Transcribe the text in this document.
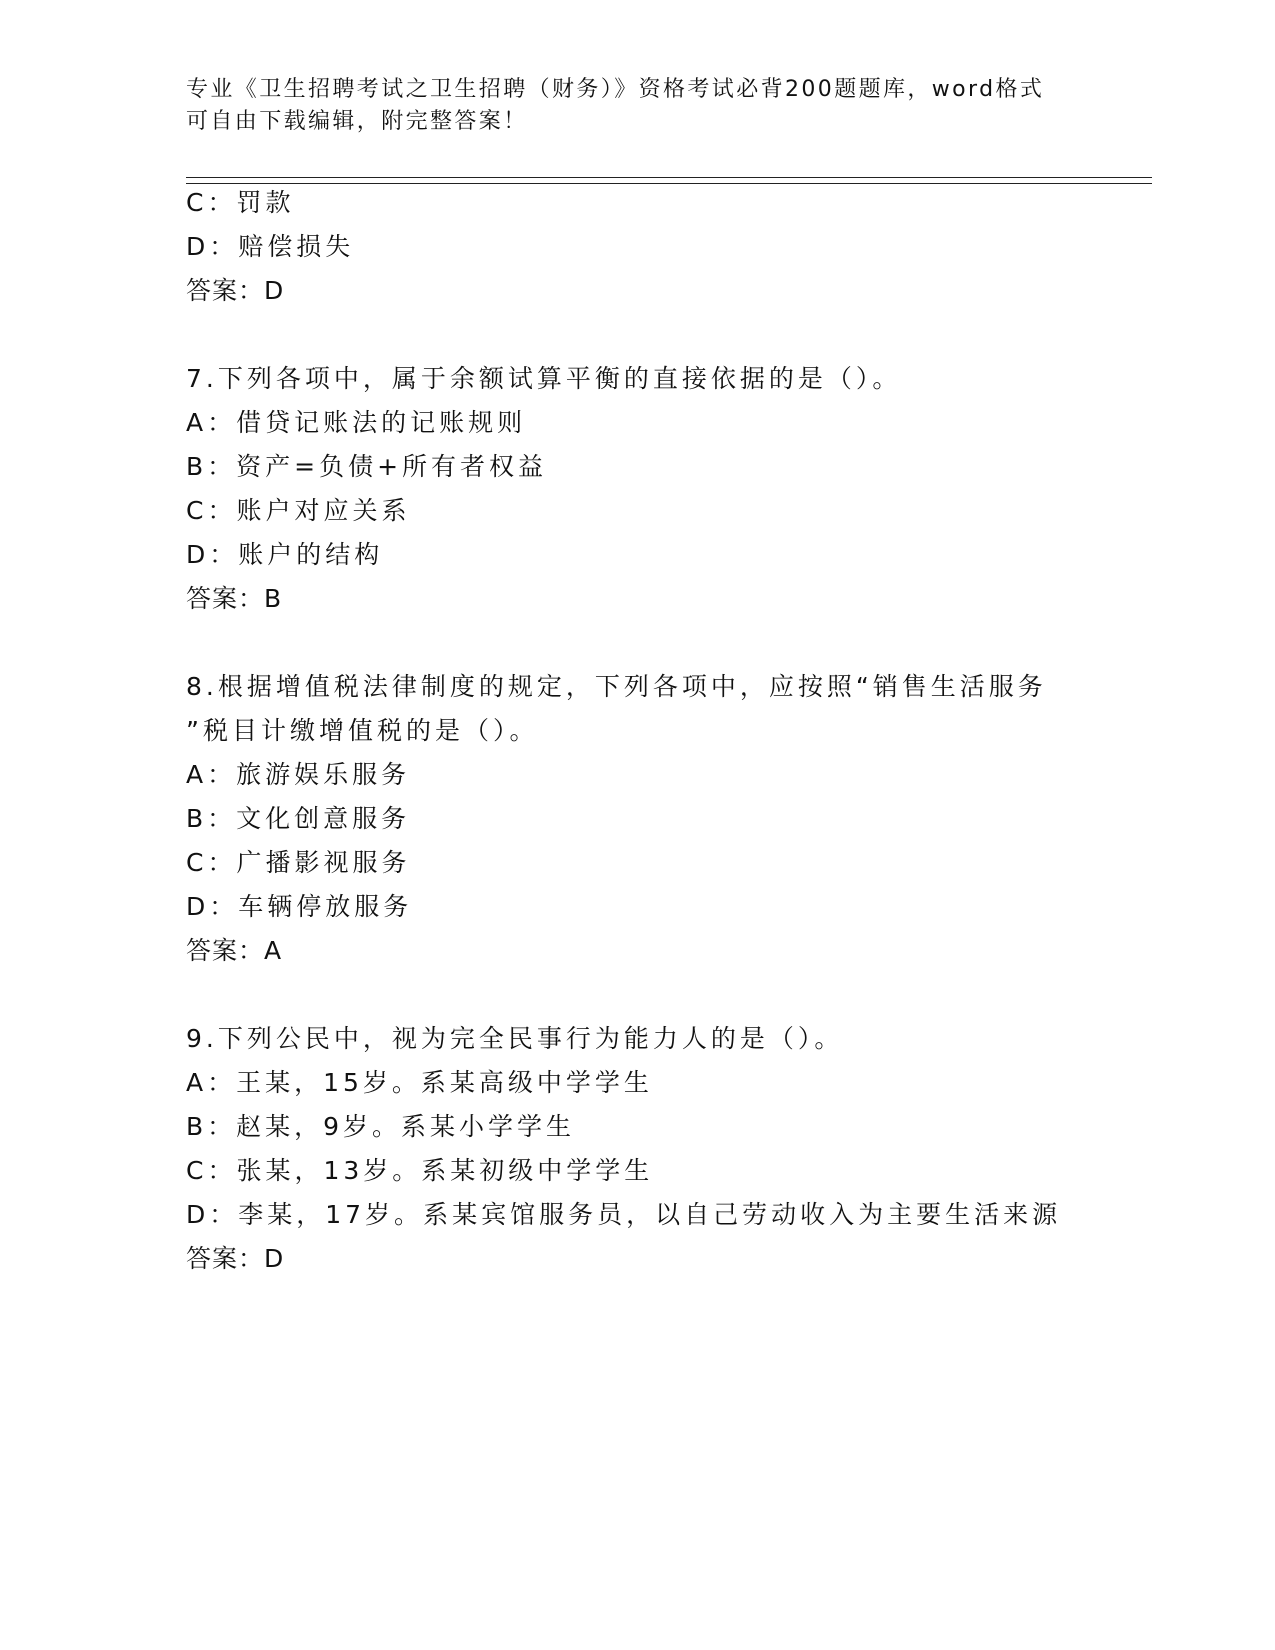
专业《卫生招聘考试之卫生招聘（财务）》资格考试必背200题题库，word格式
可自由下载编辑，附完整答案！
C：罚款
D：赔偿损失
答案：D
7.下列各项中，属于余额试算平衡的直接依据的是（）。
A：借贷记账法的记账规则
B：资产=负债+所有者权益
C：账户对应关系
D：账户的结构
答案：B
8.根据增值税法律制度的规定，下列各项中，应按照“销售生活服务
”税目计缴增值税的是（）。
A：旅游娱乐服务
B：文化创意服务
C：广播影视服务
D：车辆停放服务
答案：A
9.下列公民中，视为完全民事行为能力人的是（）。
A：王某，15岁。系某高级中学学生
B：赵某，9岁。系某小学学生
C：张某，13岁。系某初级中学学生
D：李某，17岁。系某宾馆服务员，以自己劳动收入为主要生活来源
答案：D
